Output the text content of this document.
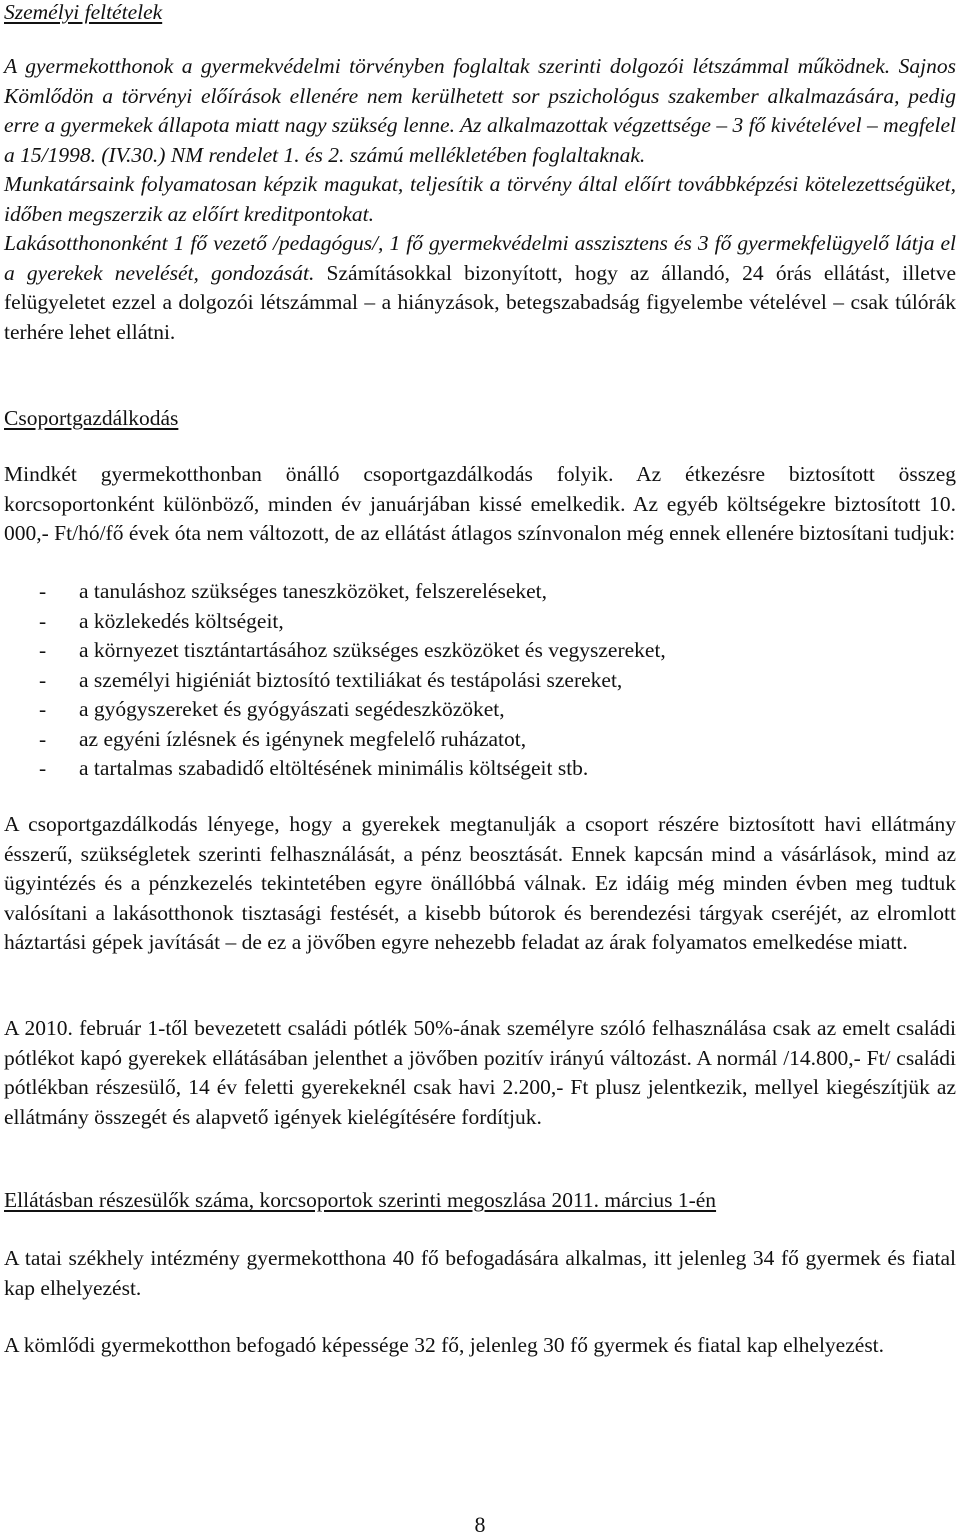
Személyi feltételek

A gyermekotthonok a gyermekvédelmi törvényben foglaltak szerinti dolgozói létszámmal működnek. Sajnos Kömlődön a törvényi előírások ellenére nem kerülhetett sor pszichológus szakember alkalmazására, pedig erre a gyermekek állapota miatt nagy szükség lenne. Az alkalmazottak végzettsége – 3 fő kivételével – megfelel a 15/1998. (IV.30.) NM rendelet 1. és 2. számú mellékletében foglaltaknak.

Munkatársaink folyamatosan képzik magukat, teljesítik a törvény által előírt továbbképzési kötelezettségüket, időben megszerzik az előírt kreditpontokat.

Lakásotthononként 1 fő vezető /pedagógus/, 1 fő gyermekvédelmi asszisztens és 3 fő gyermekfelügyelő látja el a gyerekek nevelését, gondozását. Számításokkal bizonyított, hogy az állandó, 24 órás ellátást, illetve felügyeletet ezzel a dolgozói létszámmal – a hiányzások, betegszabadság figyelembe vételével – csak túlórák terhére lehet ellátni.

Csoportgazdálkodás
Mindkét gyermekotthonban önálló csoportgazdálkodás folyik. Az étkezésre biztosított összeg korcsoportonként különböző, minden év januárjában kissé emelkedik. Az egyéb költségekre biztosított 10. 000,- Ft/hó/fő évek óta nem változott, de az ellátást átlagos színvonalon még ennek ellenére biztosítani tudjuk:
- a tanuláshoz szükséges taneszközöket, felszereléseket,
- a közlekedés költségeit,
- a környezet tisztántartásához szükséges eszközöket és vegyszereket,
- a személyi higiéniát biztosító textiliákat és testápolási szereket,
- a gyógyszereket és gyógyászati segédeszközöket,
- az egyéni ízlésnek és igénynek megfelelő ruházatot,
- a tartalmas szabadidő eltöltésének minimális költségeit stb.
A csoportgazdálkodás lényege, hogy a gyerekek megtanulják a csoport részére biztosított havi ellátmány ésszerű, szükségletek szerinti felhasználását, a pénz beosztását. Ennek kapcsán mind a vásárlások, mind az ügyintézés és a pénzkezelés tekintetében egyre önállóbbá válnak. Ez idáig még minden évben meg tudtuk valósítani a lakásotthonok tisztasági festését, a kisebb bútorok és berendezési tárgyak cseréjét, az elromlott háztartási gépek javítását – de ez a jövőben egyre nehezebb feladat az árak folyamatos emelkedése miatt.
A 2010. február 1-től bevezetett családi pótlék 50%-ának személyre szóló felhasználása csak az emelt családi pótlékot kapó gyerekek ellátásában jelenthet a jövőben pozitív irányú változást. A normál /14.800,- Ft/ családi pótlékban részesülő, 14 év feletti gyerekeknél csak havi 2.200,- Ft plusz jelentkezik, mellyel kiegészítjük az ellátmány összegét és alapvető igények kielégítésére fordítjuk.
Ellátásban részesülők száma, korcsoportok szerinti megoszlása 2011. március 1-én
A tatai székhely intézmény gyermekotthona 40 fő befogadására alkalmas, itt jelenleg 34 fő gyermek és fiatal kap elhelyezést.
A kömlődi gyermekotthon befogadó képessége 32 fő, jelenleg 30 fő gyermek és fiatal kap elhelyezést.
8
